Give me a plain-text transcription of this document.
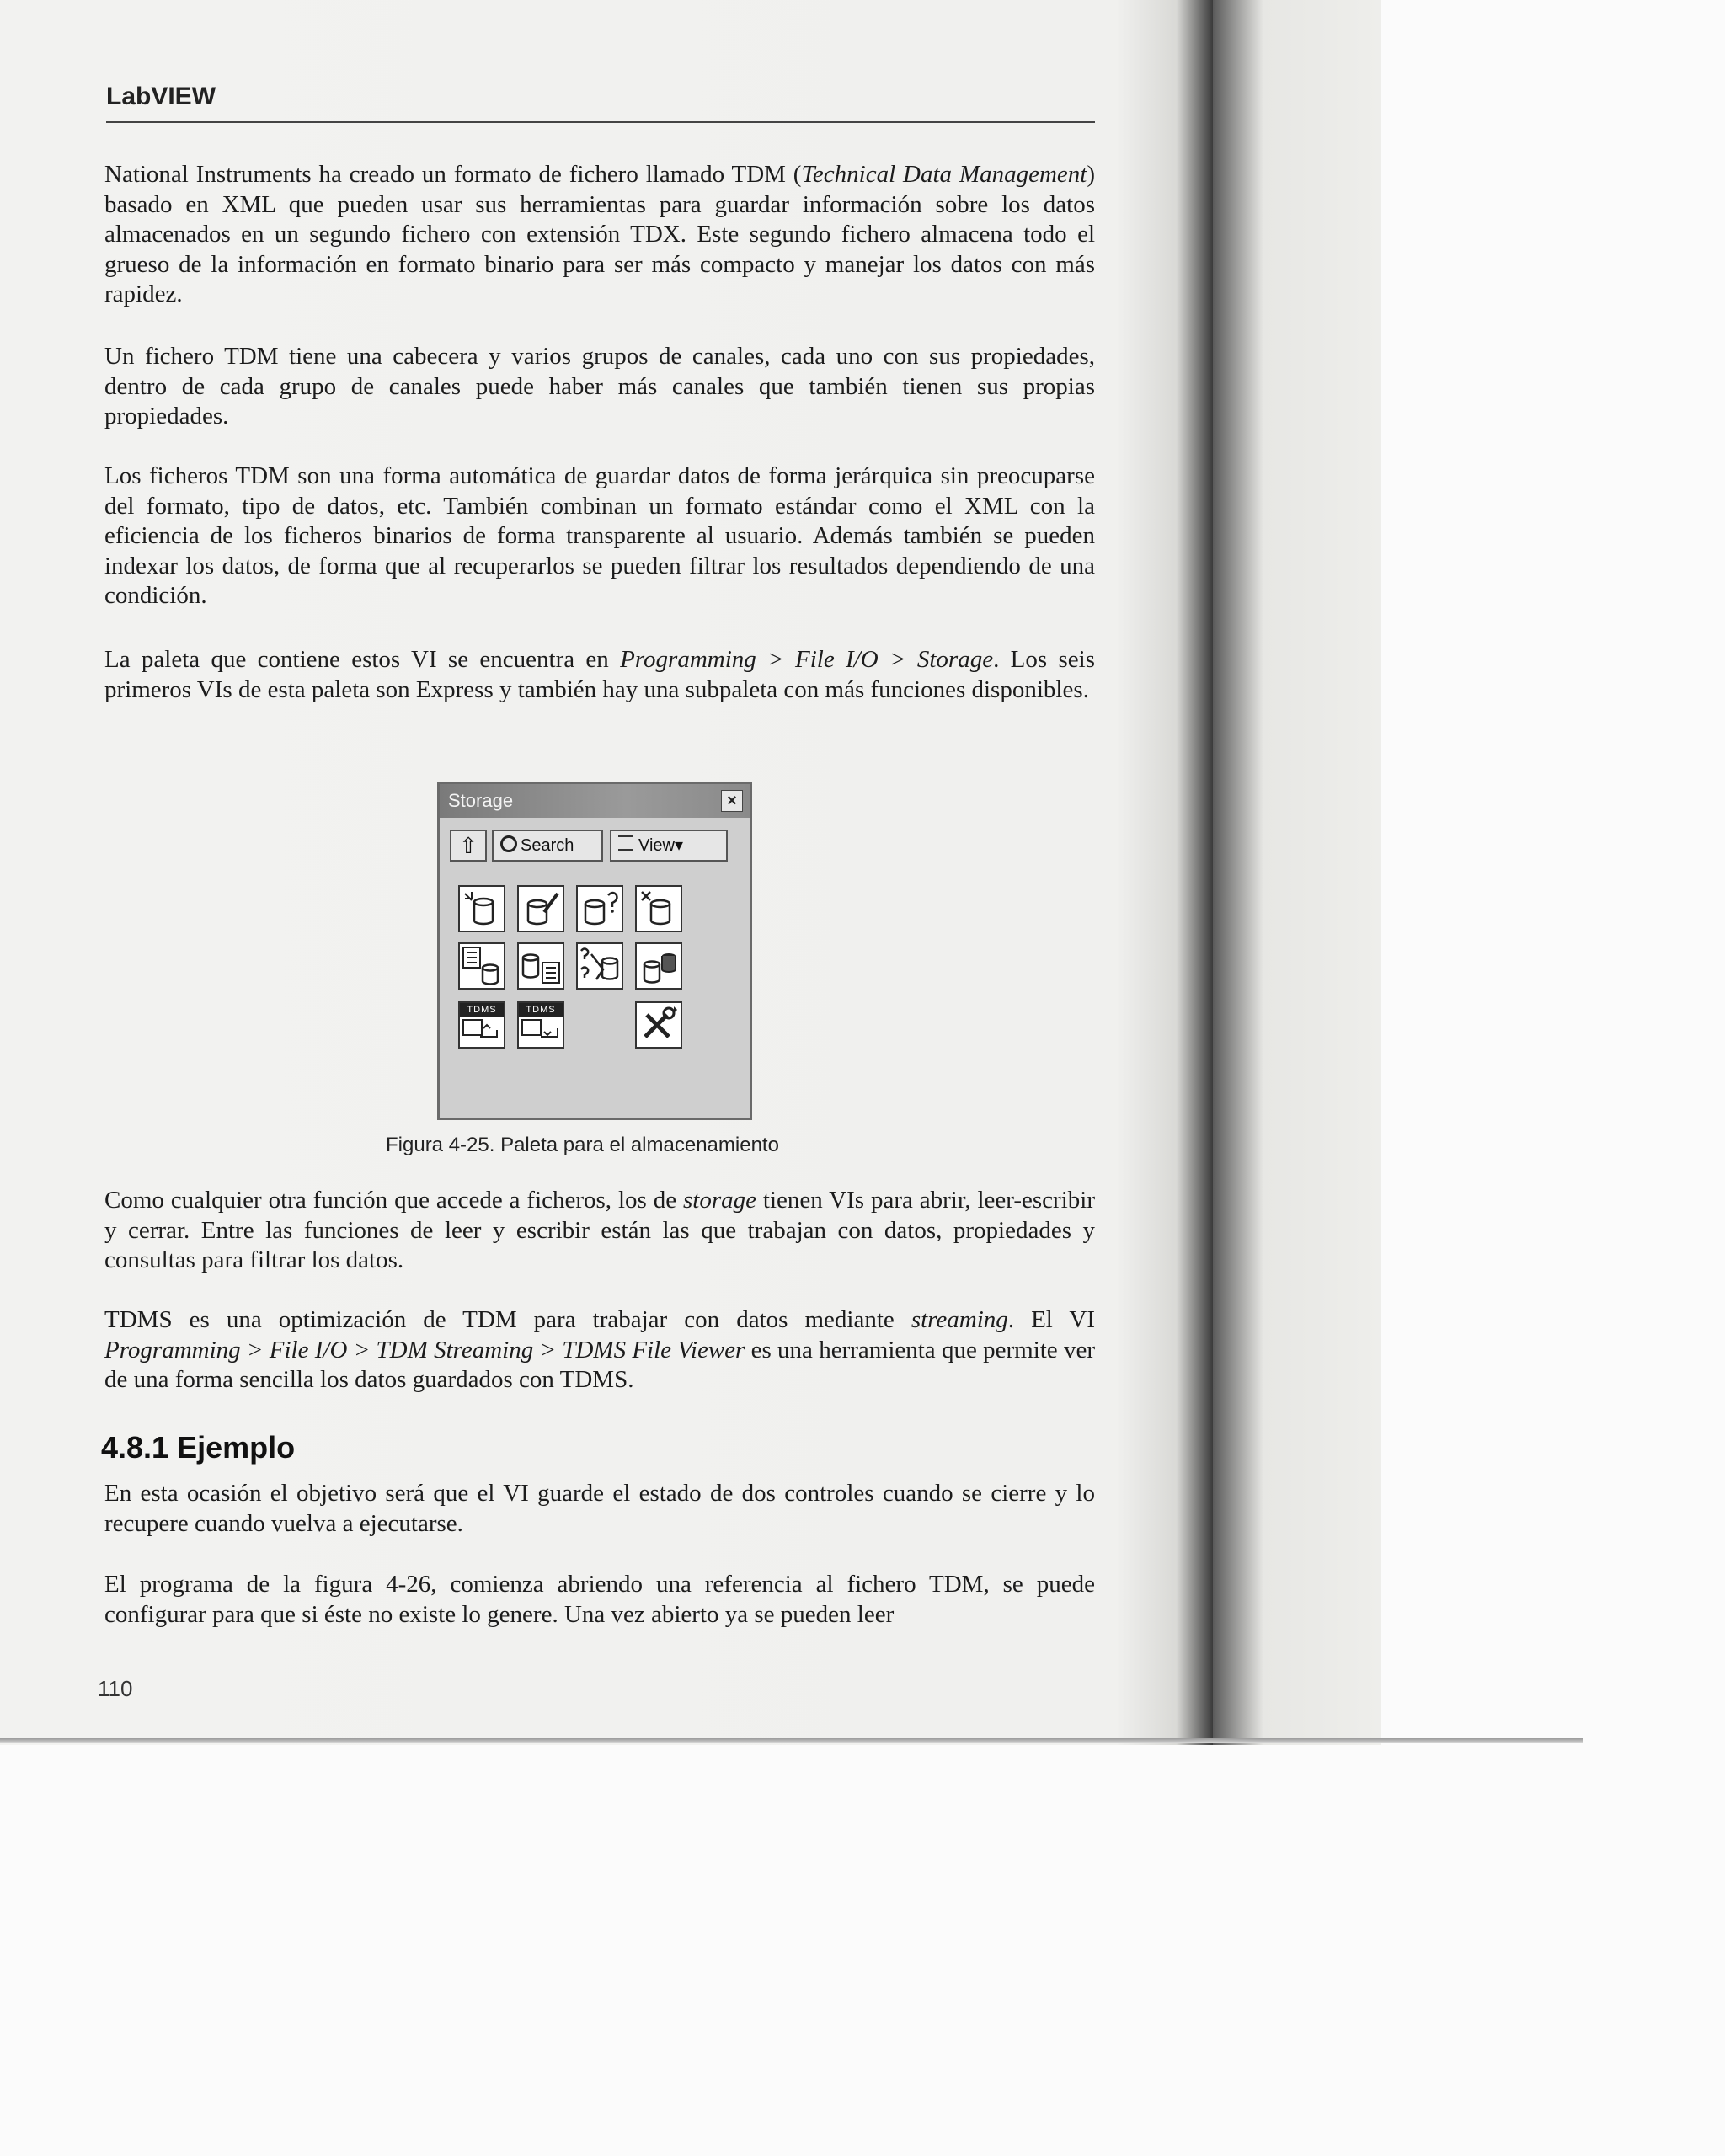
LabVIEW

National Instruments ha creado un formato de fichero llamado TDM (Technical Data Management) basado en XML que pueden usar sus herramientas para guardar información sobre los datos almacenados en un segundo fichero con extensión TDX. Este segundo fichero almacena todo el grueso de la información en formato binario para ser más compacto y manejar los datos con más rapidez.

Un fichero TDM tiene una cabecera y varios grupos de canales, cada uno con sus propiedades, dentro de cada grupo de canales puede haber más canales que también tienen sus propias propiedades.

Los ficheros TDM son una forma automática de guardar datos de forma jerárquica sin preocuparse del formato, tipo de datos, etc. También combinan un formato estándar como el XML con la eficiencia de los ficheros binarios de forma transparente al usuario. Además también se pueden indexar los datos, de forma que al recuperarlos se pueden filtrar los resultados dependiendo de una condición.

La paleta que contiene estos VI se encuentra en Programming > File I/O > Storage. Los seis primeros VIs de esta paleta son Express y también hay una subpaleta con más funciones disponibles.

Storage	×
⇧	Search	View▾
TDMS	TDMS
Figura 4-25. Paleta para el almacenamiento

Como cualquier otra función que accede a ficheros, los de storage tienen VIs para abrir, leer-escribir y cerrar. Entre las funciones de leer y escribir están las que trabajan con datos, propiedades y consultas para filtrar los datos.

TDMS es una optimización de TDM para trabajar con datos mediante streaming. El VI Programming > File I/O > TDM Streaming > TDMS File Viewer es una herramienta que permite ver de una forma sencilla los datos guardados con TDMS.

4.8.1 Ejemplo

En esta ocasión el objetivo será que el VI guarde el estado de dos controles cuando se cierre y lo recupere cuando vuelva a ejecutarse.

El programa de la figura 4-26, comienza abriendo una referencia al fichero TDM, se puede configurar para que si éste no existe lo genere. Una vez abierto ya se pueden leer

110
